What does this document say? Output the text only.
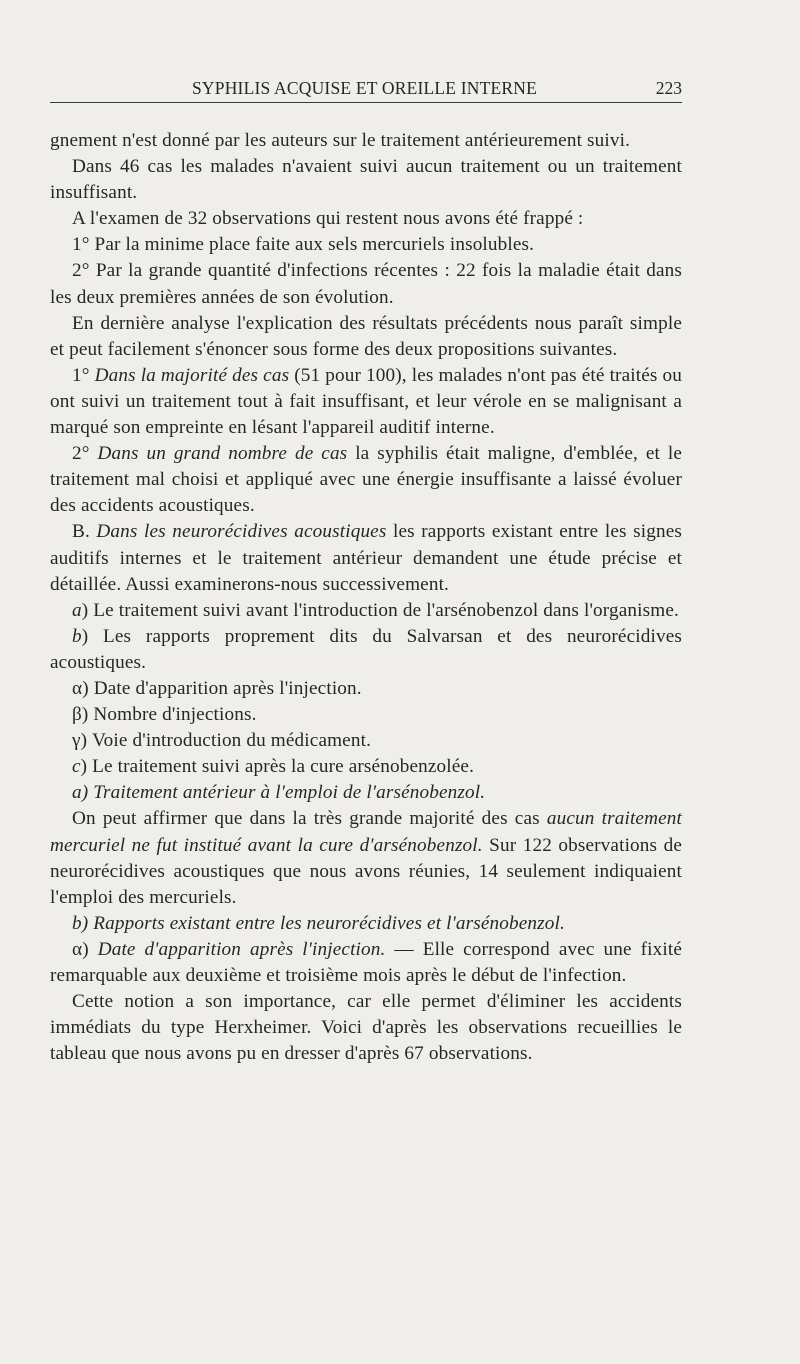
SYPHILIS ACQUISE ET OREILLE INTERNE	223

gnement n'est donné par les auteurs sur le traitement antérieurement suivi.

Dans 46 cas les malades n'avaient suivi aucun traitement ou un traitement insuffisant.

A l'examen de 32 observations qui restent nous avons été frappé :

1° Par la minime place faite aux sels mercuriels insolubles.

2° Par la grande quantité d'infections récentes : 22 fois la maladie était dans les deux premières années de son évolution.

En dernière analyse l'explication des résultats précédents nous paraît simple et peut facilement s'énoncer sous forme des deux propositions suivantes.

1° Dans la majorité des cas (51 pour 100), les malades n'ont pas été traités ou ont suivi un traitement tout à fait insuffisant, et leur vérole en se malignisant a marqué son empreinte en lésant l'appareil auditif interne.

2° Dans un grand nombre de cas la syphilis était maligne, d'emblée, et le traitement mal choisi et appliqué avec une énergie insuffisante a laissé évoluer des accidents acoustiques.

B. Dans les neurorécidives acoustiques les rapports existant entre les signes auditifs internes et le traitement antérieur demandent une étude précise et détaillée. Aussi examinerons-nous successivement.

a) Le traitement suivi avant l'introduction de l'arsénobenzol dans l'organisme.

b) Les rapports proprement dits du Salvarsan et des neurorécidives acoustiques.

α) Date d'apparition après l'injection.

β) Nombre d'injections.

γ) Voie d'introduction du médicament.

c) Le traitement suivi après la cure arsénobenzolée.

a) Traitement antérieur à l'emploi de l'arsénobenzol.

On peut affirmer que dans la très grande majorité des cas aucun traitement mercuriel ne fut institué avant la cure d'arsénobenzol. Sur 122 observations de neurorécidives acoustiques que nous avons réunies, 14 seulement indiquaient l'emploi des mercuriels.

b) Rapports existant entre les neurorécidives et l'arsénobenzol.

α) Date d'apparition après l'injection. — Elle correspond avec une fixité remarquable aux deuxième et troisième mois après le début de l'infection.

Cette notion a son importance, car elle permet d'éliminer les accidents immédiats du type Herxheimer. Voici d'après les observations recueillies le tableau que nous avons pu en dresser d'après 67 observations.
